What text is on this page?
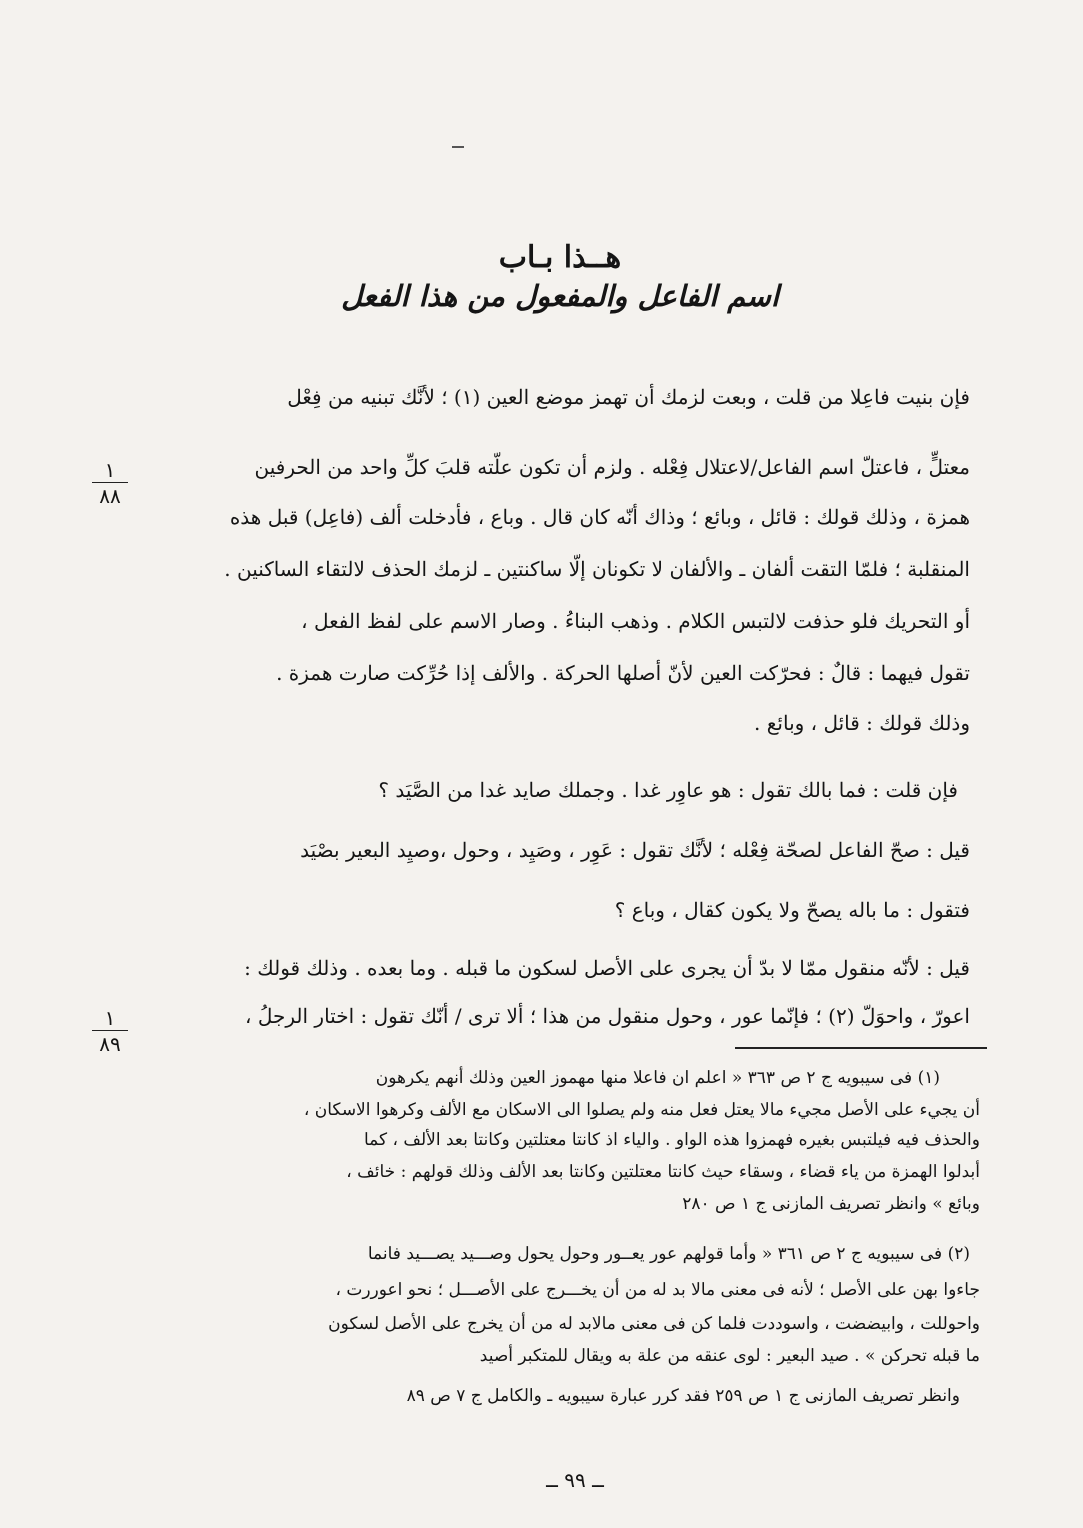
هــذا بـاب
اسم الفاعل والمفعول من هذا الفعل
فإن بنيت فاعِلا من قلت ، وبعت لزمك أن تهمز موضع العين (١) ؛ لأنَّك تبنيه من فِعْل
معتلٍّ ، فاعتلّ اسم الفاعل/لاعتلال فِعْله . ولزم أن تكون علّته قلبَ كلِّ واحد من الحرفين
همزة ، وذلك قولك : قائل ، وبائع ؛ وذاك أنّه كان قال . وباع ، فأدخلت ألف (فاعِل) قبل هذه
المنقلبة ؛ فلمّا التقت ألفان ـ والألفان لا تكونان إلّا ساكنتين ـ لزمك الحذف لالتقاء الساكنين .
أو التحريك فلو حذفت لالتبس الكلام . وذهب البناءُ . وصار الاسم على لفظ الفعل ،
تقول فيهما : قالٌ : فحرّكت العين لأنّ أصلها الحركة . والألف إذا حُرِّكت صارت همزة .
وذلك قولك : قائل ، وبائع .
فإن قلت : فما بالك تقول : هو عاوِر غدا . وجملك صايد غدا من الصَّيَد ؟
قيل : صحّ الفاعل لصحّة فِعْله ؛ لأنَّك تقول : عَوِر ، وصَيِد ، وحول ،وصيِد البعير بصْيَد
فتقول : ما باله يصحّ ولا يكون كقال ، وباع ؟
قيل : لأنّه منقول ممّا لا بدّ أن يجرى على الأصل لسكون ما قبله . وما بعده . وذلك قولك :
اعورّ ، واحوَلّ (٢) ؛ فإنّما عور ، وحول منقول من هذا ؛ ألا ترى / أنّك تقول : اختار الرجلُ ،
١
٨٨
١
٨٩
(١) فى سيبويه ج ٢ ص ٣٦٣ « اعلم ان فاعلا منها مهموز العين وذلك أنهم يكرهون
أن يجيء على الأصل مجيء مالا يعتل فعل منه ولم يصلوا الى الاسكان مع الألف وكرهوا الاسكان ،
والحذف فيه فيلتبس بغيره فهمزوا هذه الواو . والياء اذ كانتا معتلتين وكانتا بعد الألف ، كما
أبدلوا الهمزة من ياء قضاء ، وسقاء حيث كانتا معتلتين وكانتا بعد الألف وذلك قولهم : خائف ،
وبائع » وانظر تصريف المازنى ج ١ ص ٢٨٠
(٢) فى سيبويه ج ٢ ص ٣٦١ « وأما قولهم عور يعــور وحول يحول وصـــيد يصـــيد فانما
جاءوا بهن على الأصل ؛ لأنه فى معنى مالا بد له من أن يخـــرج على الأصـــل ؛ نحو اعوررت ،
واحوللت ، وابيضضت ، واسوددت فلما كن فى معنى مالابد له من أن يخرج على الأصل لسكون
ما قبله تحركن » . صيد البعير : لوى عنقه من علة به ويقال للمتكبر أصيد
وانظر تصريف المازنى ج ١ ص ٢٥٩ فقد كرر عبارة سيبويه ـ والكامل ج ٧ ص ٨٩
ــ ٩٩ ــ
